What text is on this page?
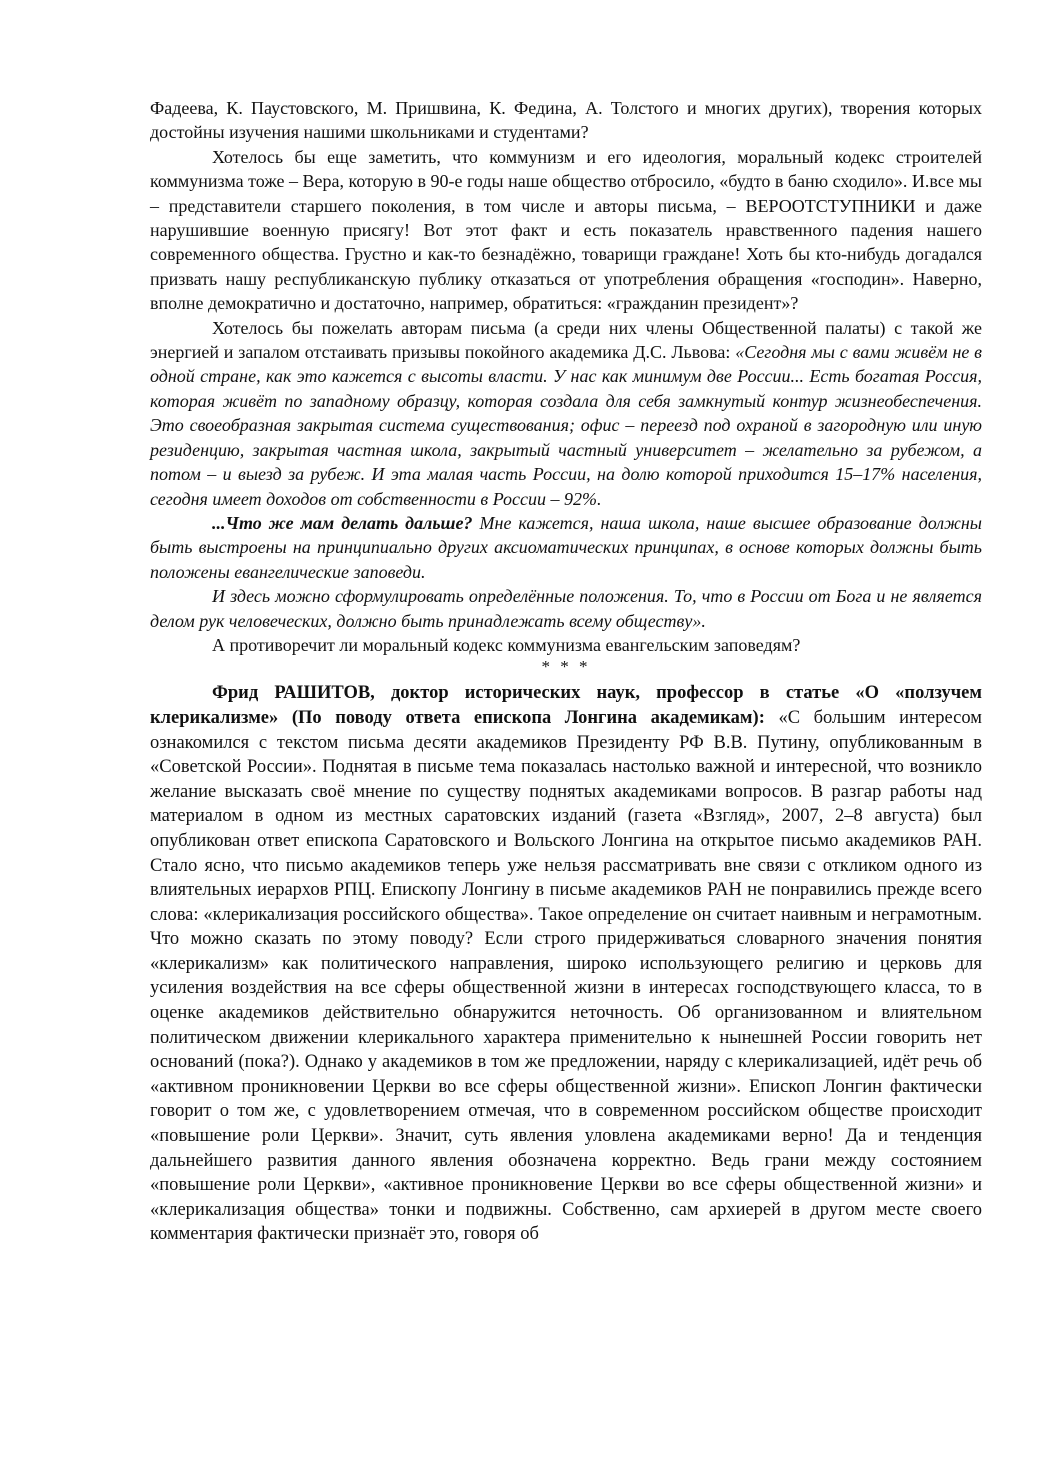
Фадеева, К. Паустовского, М. Пришвина, К. Федина, А. Толстого и многих других), творения которых достойны изучения нашими школьниками и студентами?

Хотелось бы еще заметить, что коммунизм и его идеология, моральный кодекс строителей коммунизма тоже – Вера, которую в 90-е годы наше общество отбросило, «будто в баню сходило». И.все мы – представители старшего поколения, в том числе и авторы письма, – ВЕРООТСТУПНИКИ и даже нарушившие военную присягу! Вот этот факт и есть показатель нравственного падения нашего современного общества. Грустно и как-то безнадёжно, товарищи граждане! Хоть бы кто-нибудь догадался призвать нашу республиканскую публику отказаться от употребления обращения «господин». Наверно, вполне демократично и достаточно, например, обратиться: «гражданин президент»?

Хотелось бы пожелать авторам письма (а среди них члены Общественной палаты) с такой же энергией и запалом отстаивать призывы покойного академика Д.С. Львова: «Сегодня мы с вами живём не в одной стране, как это кажется с высоты власти. У нас как минимум две России... Есть богатая Россия, которая живёт по западному образцу, которая создала для себя замкнутый контур жизнеобеспечения. Это своеобразная закрытая система существования; офис – переезд под охраной в загородную или иную резиденцию, закрытая частная школа, закрытый частный университет – желательно за рубежом, а потом – и выезд за рубеж. И эта малая часть России, на долю которой приходится 15–17% населения, сегодня имеет доходов от собственности в России – 92%.

...Что же мам делать дальше? Мне кажется, наша школа, наше высшее образование должны быть выстроены на принципиально других аксиоматических принципах, в основе которых должны быть положены евангелические заповеди.

И здесь можно сформулировать определённые положения. То, что в России от Бога и не является делом рук человеческих, должно быть принадлежать всему обществу».

А противоречит ли моральный кодекс коммунизма евангельским заповедям?

* * *

Фрид РАШИТОВ, доктор исторических наук, профессор в статье «О «ползучем клерикализме» (По поводу ответа епископа Лонгина академикам): «С большим интересом ознакомился с текстом письма десяти академиков Президенту РФ В.В. Путину, опубликованным в «Советской России». Поднятая в письме тема показалась настолько важной и интересной, что возникло желание высказать своё мнение по существу поднятых академиками вопросов. В разгар работы над материалом в одном из местных саратовских изданий (газета «Взгляд», 2007, 2–8 августа) был опубликован ответ епископа Саратовского и Вольского Лонгина на открытое письмо академиков РАН. Стало ясно, что письмо академиков теперь уже нельзя рассматривать вне связи с откликом одного из влиятельных иерархов РПЦ. Епископу Лонгину в письме академиков РАН не понравились прежде всего слова: «клерикализация российского общества». Такое определение он считает наивным и неграмотным. Что можно сказать по этому поводу? Если строго придерживаться словарного значения понятия «клерикализм» как политического направления, широко использующего религию и церковь для усиления воздействия на все сферы общественной жизни в интересах господствующего класса, то в оценке академиков действительно обнаружится неточность. Об организованном и влиятельном политическом движении клерикального характера применительно к нынешней России говорить нет оснований (пока?). Однако у академиков в том же предложении, наряду с клерикализацией, идёт речь об «активном проникновении Церкви во все сферы общественной жизни». Епископ Лонгин фактически говорит о том же, с удовлетворением отмечая, что в современном российском обществе происходит «повышение роли Церкви». Значит, суть явления уловлена академиками верно! Да и тенденция дальнейшего развития данного явления обозначена корректно. Ведь грани между состоянием «повышение роли Церкви», «активное проникновение Церкви во все сферы общественной жизни» и «клерикализация общества» тонки и подвижны. Собственно, сам архиерей в другом месте своего комментария фактически признаёт это, говоря об
